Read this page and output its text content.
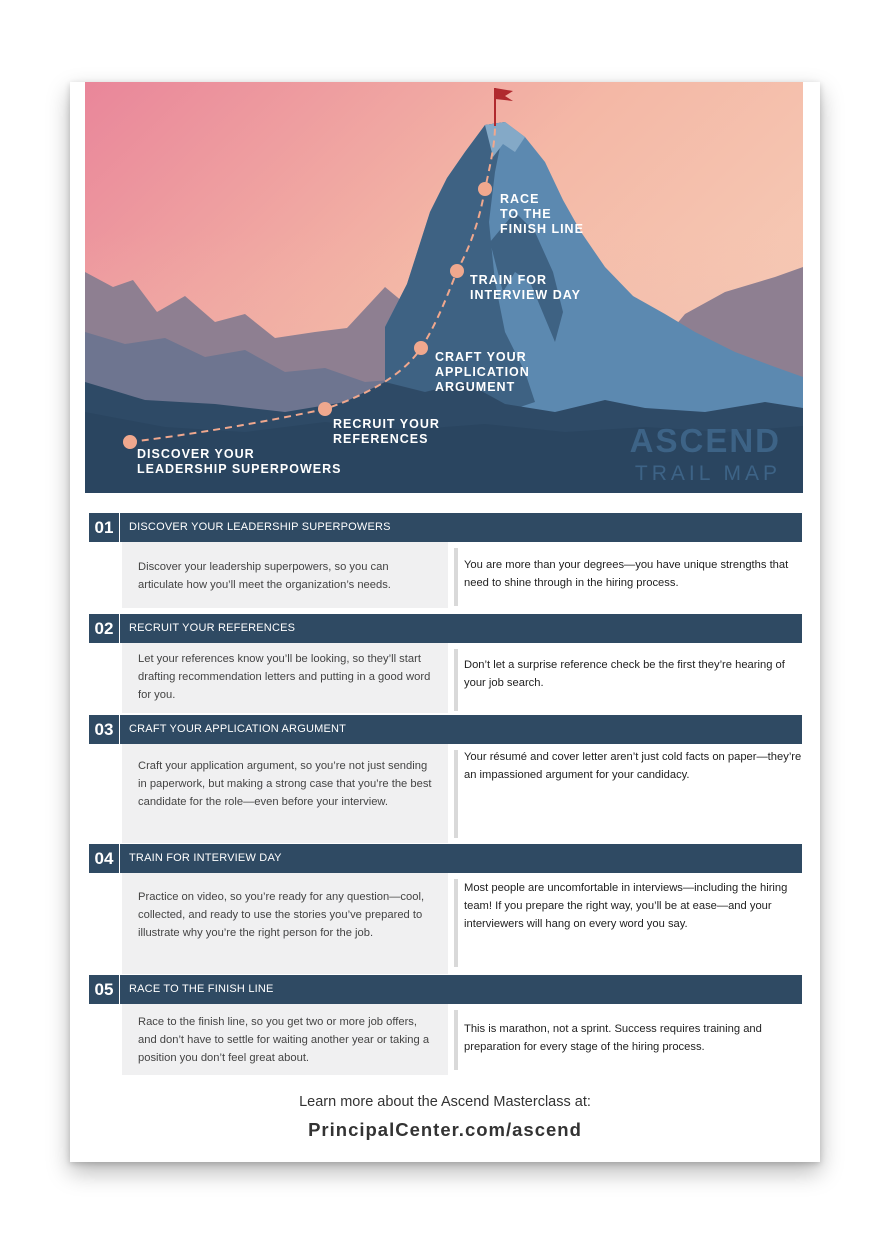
DISCOVER YOUR
LEADERSHIP SUPERPOWERS
RECRUIT YOUR
REFERENCES
CRAFT YOUR
APPLICATION
ARGUMENT
TRAIN FOR
INTERVIEW DAY
RACE
TO THE
FINISH LINE
ASCEND
TRAIL MAP
01	DISCOVER YOUR LEADERSHIP SUPERPOWERS

Discover your leadership superpowers, so you can articulate how you’ll meet the organization’s needs.

You are more than your degrees—you have unique strengths that need to shine through in the hiring process.

02	RECRUIT YOUR REFERENCES

Let your references know you’ll be looking, so they’ll start drafting recommendation letters and putting in a good word for you.

Don’t let a surprise reference check be the first they’re hearing of your job search.

03	CRAFT YOUR APPLICATION ARGUMENT

Craft your application argument, so you’re not just sending in paperwork, but making a strong case that you’re the best candidate for the role—even before your interview.

Your résumé and cover letter aren’t just cold facts on paper—they’re an impassioned argument for your candidacy.

04	TRAIN FOR INTERVIEW DAY

Practice on video, so you’re ready for any question—cool, collected, and ready to use the stories you’ve prepared to illustrate why you’re the right person for the job.

Most people are uncomfortable in interviews—including the hiring team! If you prepare the right way, you’ll be at ease—and your interviewers will hang on every word you say.

05	RACE TO THE FINISH LINE

Race to the finish line, so you get two or more job offers, and don’t have to settle for waiting another year or taking a position you don’t feel great about.

This is marathon, not a sprint. Success requires training and preparation for every stage of the hiring process.

Learn more about the Ascend Masterclass at:
PrincipalCenter.com/ascend
